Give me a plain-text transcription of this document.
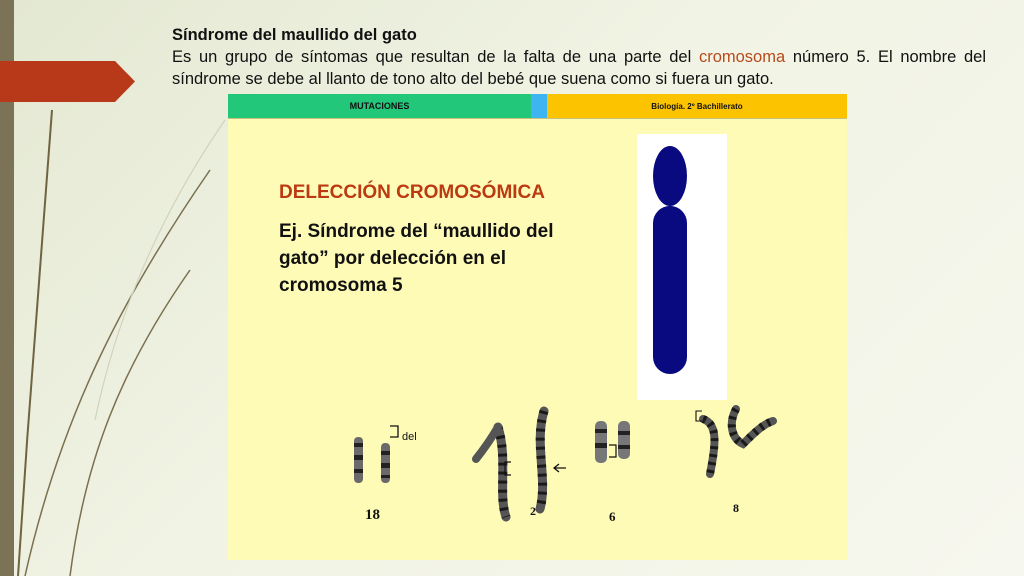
Síndrome del maullido del gato
Es un grupo de síntomas que resultan de la falta de una parte del cromosoma número 5. El nombre del síndrome se debe al llanto de tono alto del bebé que suena como si fuera un gato.
MUTACIONES	Biología. 2º Bachillerato
DELECCIÓN CROMOSÓMICA
Ej. Síndrome del “maullido del gato” por delección en el cromosoma 5
del
18	2	6
8
